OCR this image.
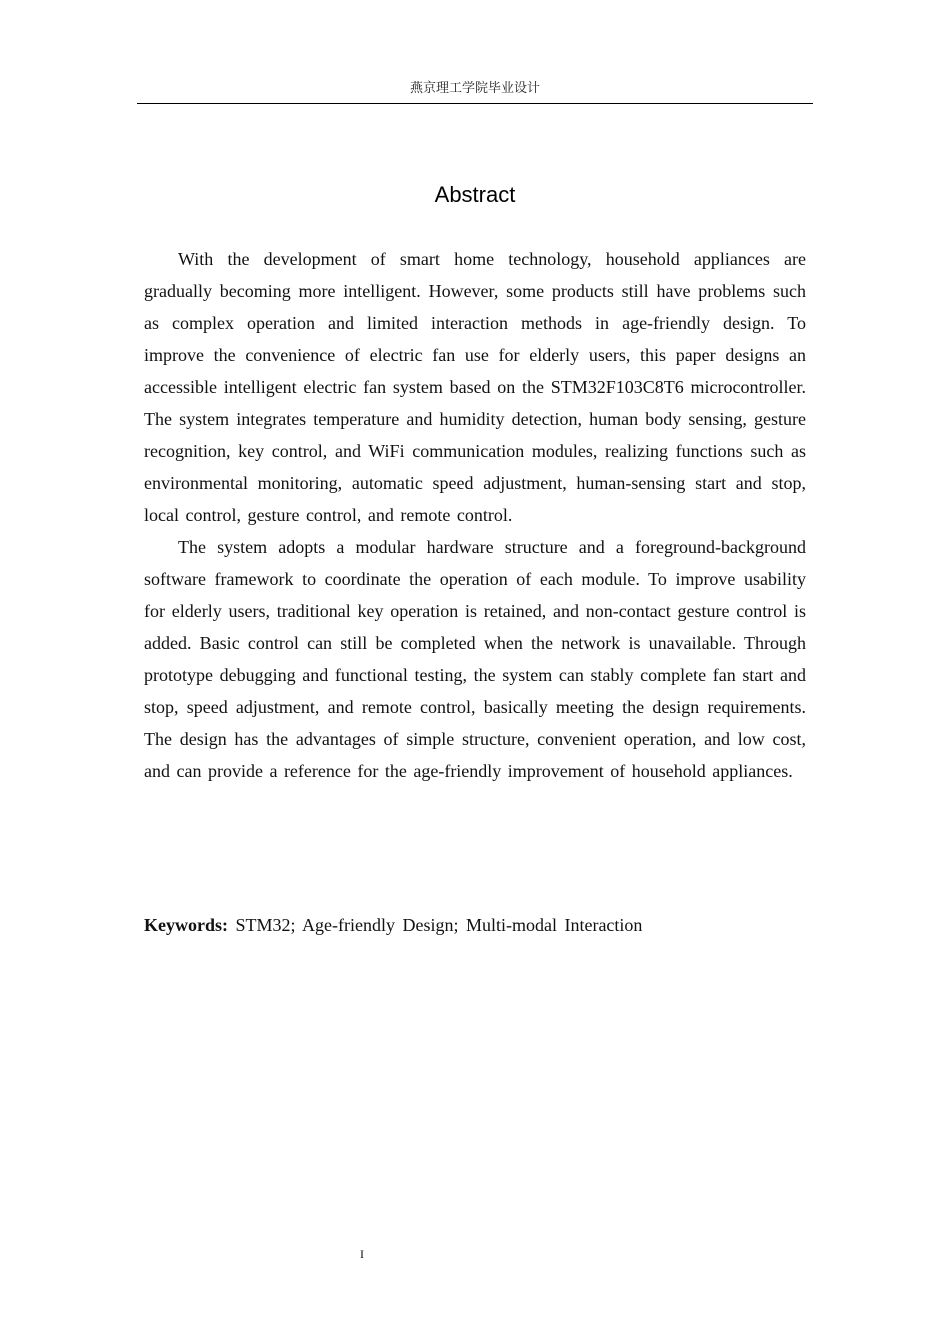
燕京理工学院毕业设计
Abstract

With the development of smart home technology, household appliances are gradually becoming more intelligent. However, some products still have problems such as complex operation and limited interaction methods in age-friendly design. To improve the convenience of electric fan use for elderly users, this paper designs an accessible intelligent electric fan system based on the STM32F103C8T6 microcontroller. The system integrates temperature and humidity detection, human body sensing, gesture recognition, key control, and WiFi communication modules, realizing functions such as environmental monitoring, automatic speed adjustment, human-sensing start and stop, local control, gesture control, and remote control.

The system adopts a modular hardware structure and a foreground-background software framework to coordinate the operation of each module. To improve usability for elderly users, traditional key operation is retained, and non-contact gesture control is added. Basic control can still be completed when the network is unavailable. Through prototype debugging and functional testing, the system can stably complete fan start and stop, speed adjustment, and remote control, basically meeting the design requirements. The design has the advantages of simple structure, convenient operation, and low cost, and can provide a reference for the age-friendly improvement of household appliances.

Keywords: STM32; Age-friendly Design; Multi-modal Interaction
I
